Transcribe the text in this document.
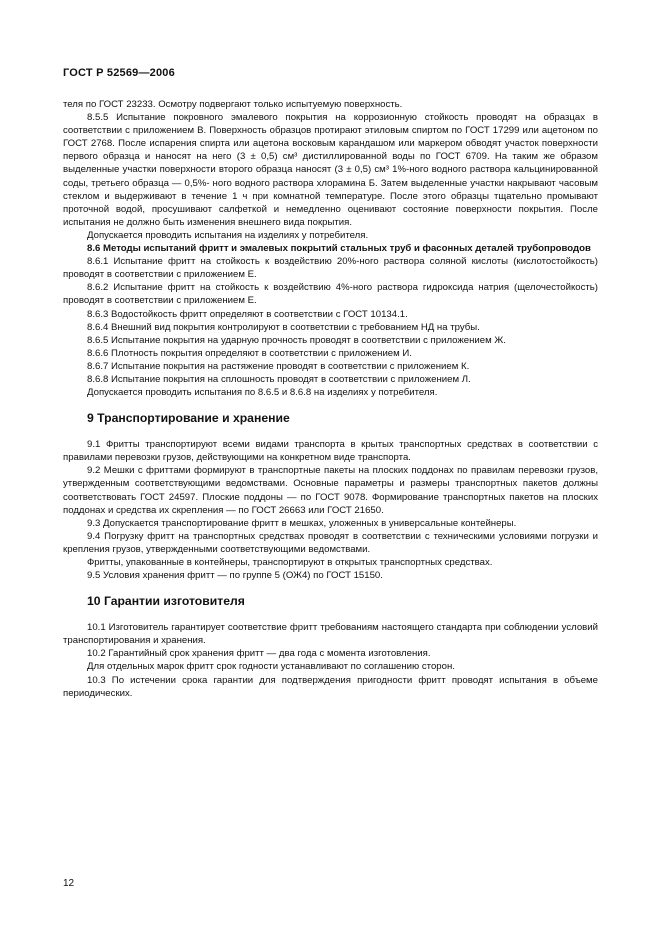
ГОСТ Р 52569—2006

теля по ГОСТ 23233. Осмотру подвергают только испытуемую поверхность.

8.5.5 Испытание покровного эмалевого покрытия на коррозионную стойкость проводят на образцах в соответствии с приложением В. Поверхность образцов протирают этиловым спиртом по ГОСТ 17299 или ацетоном по ГОСТ 2768. После испарения спирта или ацетона восковым карандашом или маркером обводят участок поверхности первого образца и наносят на него (3 ± 0,5) см³ дистиллированной воды по ГОСТ 6709. На таким же образом выделенные участки поверхности второго образца наносят (3 ± 0,5) см³ 1%-ного водного раствора кальцинированной соды, третьего образца — 0,5%- ного водного раствора хлорамина Б. Затем выделенные участки накрывают часовым стеклом и выдерживают в течение 1 ч при комнатной температуре. После этого образцы тщательно промывают проточной водой, просушивают салфеткой и немедленно оценивают состояние поверхности покрытия. После испытания не должно быть изменения внешнего вида покрытия.

Допускается проводить испытания на изделиях у потребителя.

8.6 Методы испытаний фритт и эмалевых покрытий стальных труб и фасонных деталей трубопроводов

8.6.1 Испытание фритт на стойкость к воздействию 20%-ного раствора соляной кислоты (кислотостойкость) проводят в соответствии с приложением Е.

8.6.2 Испытание фритт на стойкость к воздействию 4%-ного раствора гидроксида натрия (щелочестойкость) проводят в соответствии с приложением Е.

8.6.3 Водостойкость фритт определяют в соответствии с ГОСТ 10134.1.

8.6.4 Внешний вид покрытия контролируют в соответствии с требованием НД на трубы.

8.6.5 Испытание покрытия на ударную прочность проводят в соответствии с приложением Ж.

8.6.6 Плотность покрытия определяют в соответствии с приложением И.

8.6.7 Испытание покрытия на растяжение проводят в соответствии с приложением К.

8.6.8 Испытание покрытия на сплошность проводят в соответствии с приложением Л.

Допускается проводить испытания по 8.6.5 и 8.6.8 на изделиях у потребителя.

9 Транспортирование и хранение

9.1 Фритты транспортируют всеми видами транспорта в крытых транспортных средствах в соответствии с правилами перевозки грузов, действующими на конкретном виде транспорта.

9.2 Мешки с фриттами формируют в транспортные пакеты на плоских поддонах по правилам перевозки грузов, утвержденным соответствующими ведомствами. Основные параметры и размеры транспортных пакетов должны соответствовать ГОСТ 24597. Плоские поддоны — по ГОСТ 9078. Формирование транспортных пакетов на плоских поддонах и средства их скрепления — по ГОСТ 26663 или ГОСТ 21650.

9.3 Допускается транспортирование фритт в мешках, уложенных в универсальные контейнеры.

9.4 Погрузку фритт на транспортных средствах проводят в соответствии с техническими условиями погрузки и крепления грузов, утвержденными соответствующими ведомствами.

Фритты, упакованные в контейнеры, транспортируют в открытых транспортных средствах.

9.5 Условия хранения фритт — по группе 5 (ОЖ4) по ГОСТ 15150.

10 Гарантии изготовителя

10.1 Изготовитель гарантирует соответствие фритт требованиям настоящего стандарта при соблюдении условий транспортирования и хранения.

10.2 Гарантийный срок хранения фритт — два года с момента изготовления.

Для отдельных марок фритт срок годности устанавливают по соглашению сторон.

10.3 По истечении срока гарантии для подтверждения пригодности фритт проводят испытания в объеме периодических.

12
